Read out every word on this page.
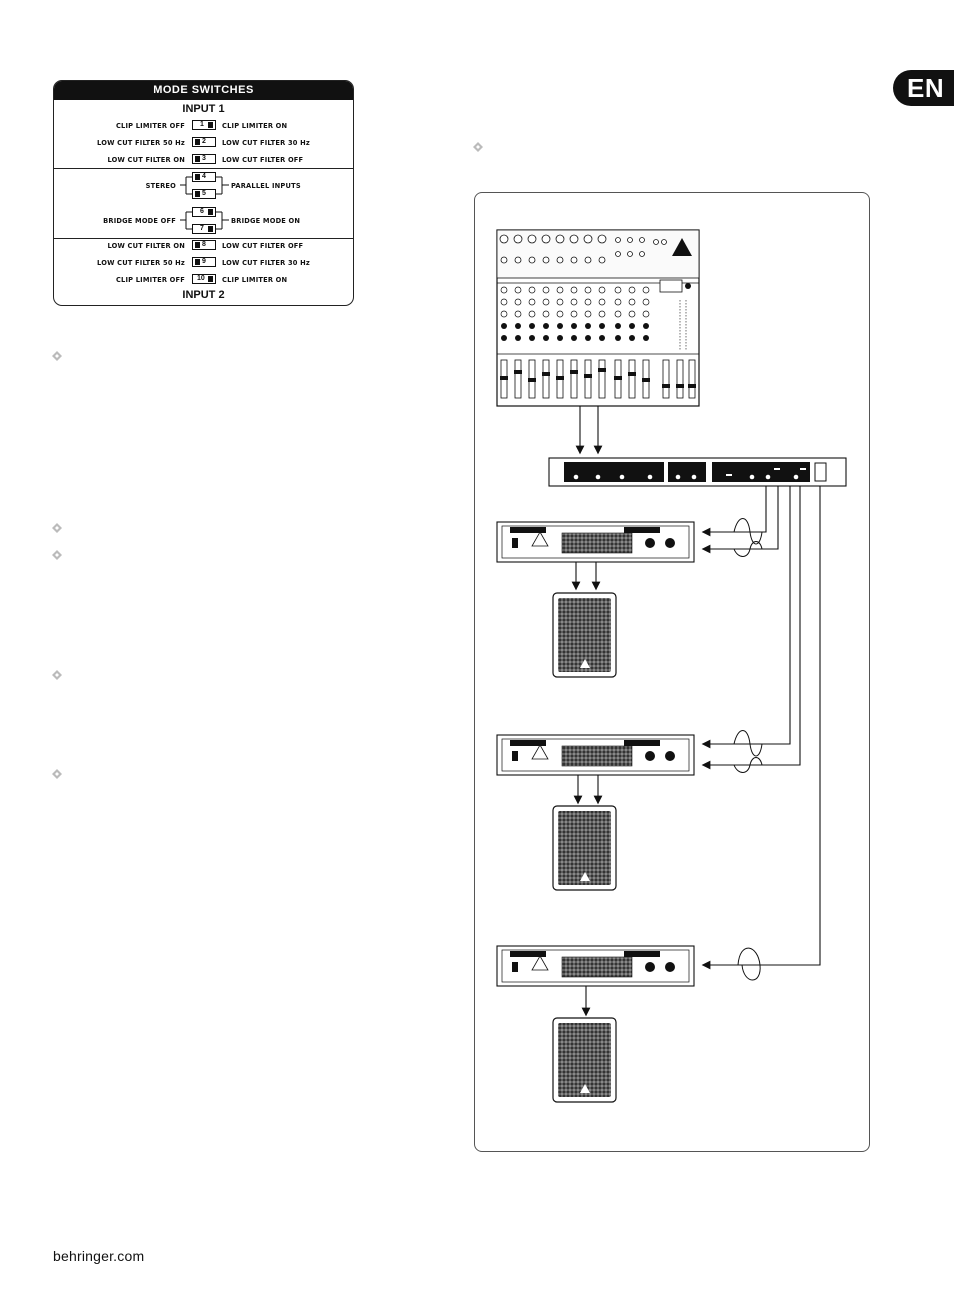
EN
MODE SWITCHES
INPUT 1
CLIP LIMITER OFF 1 CLIP LIMITER ON
LOW CUT FILTER 50 Hz 2 LOW CUT FILTER 30 Hz
LOW CUT FILTER ON 3 LOW CUT FILTER OFF
4
5
STEREO	PARALLEL INPUTS
6
7
BRIDGE MODE OFF	BRIDGE MODE ON
LOW CUT FILTER ON 8 LOW CUT FILTER OFF
LOW CUT FILTER 50 Hz 9 LOW CUT FILTER 30 Hz
CLIP LIMITER OFF 10 CLIP LIMITER ON
INPUT 2
behringer.com
